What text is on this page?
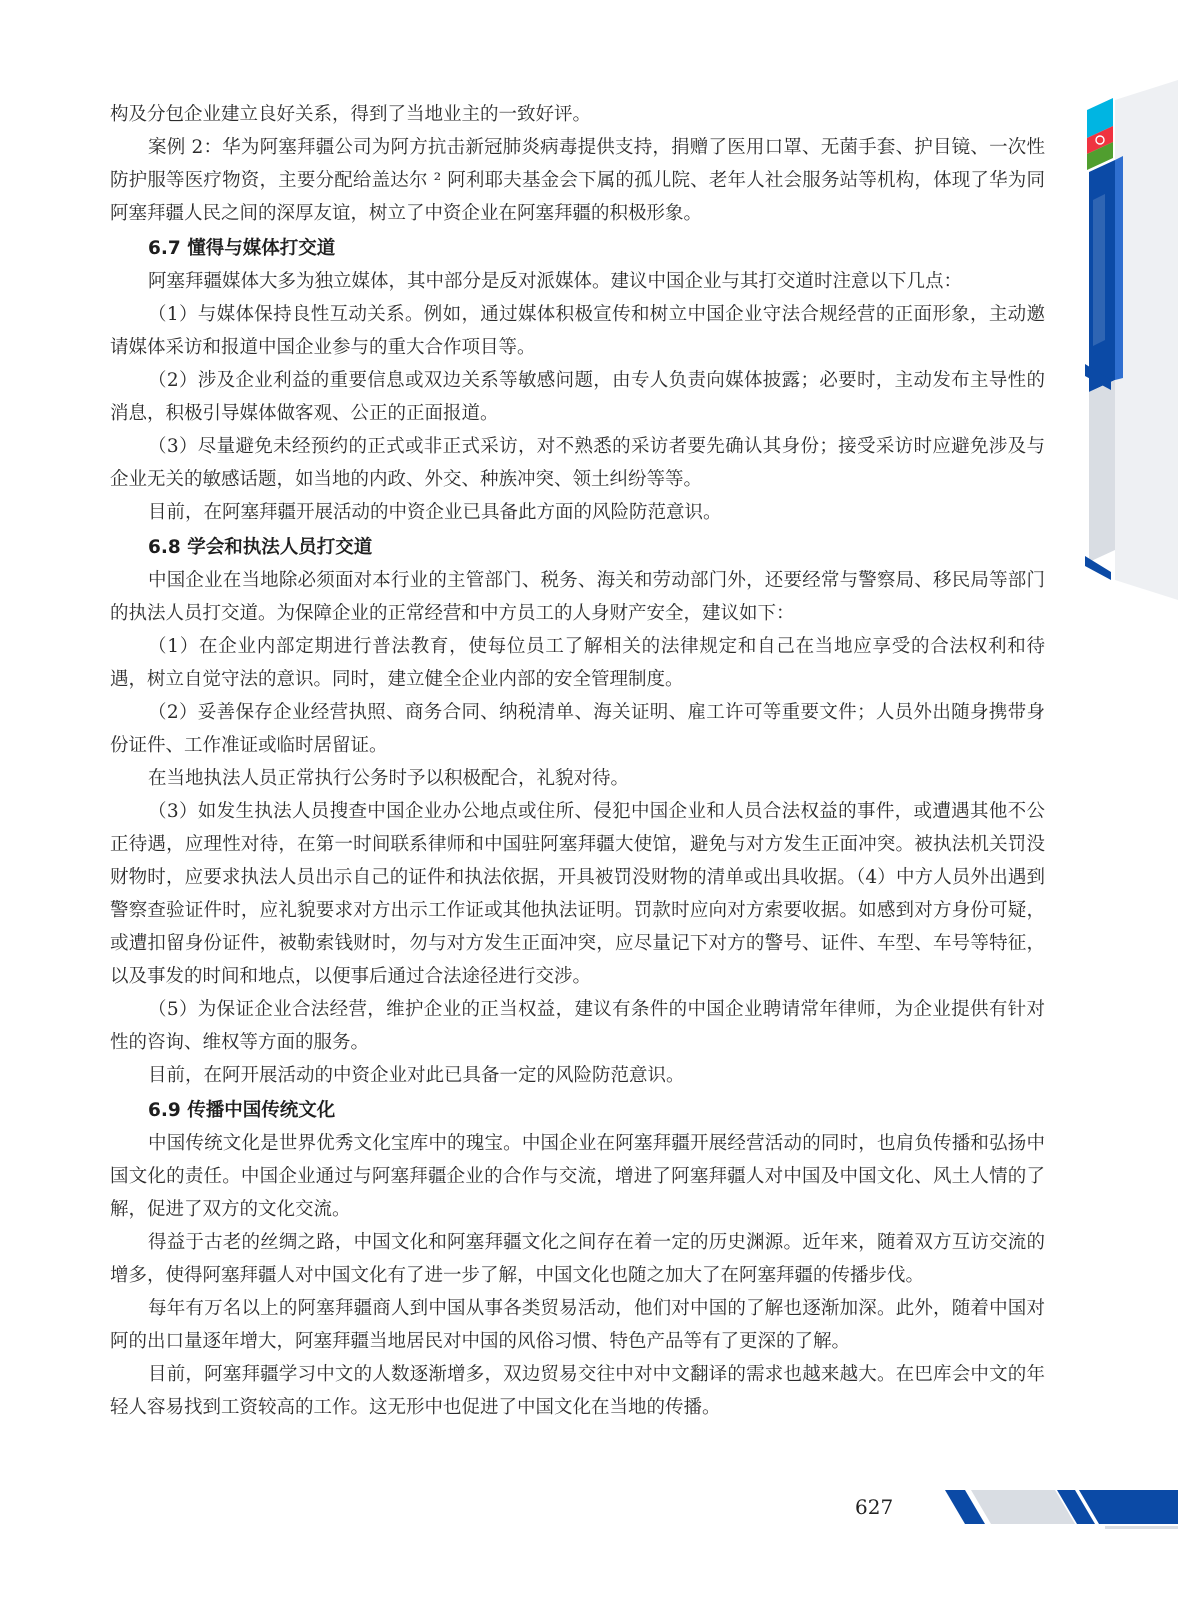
构及分包企业建立良好关系，得到了当地业主的一致好评。

案例 2：华为阿塞拜疆公司为阿方抗击新冠肺炎病毒提供支持，捐赠了医用口罩、无菌手套、护目镜、一次性防护服等医疗物资，主要分配给盖达尔 ² 阿利耶夫基金会下属的孤儿院、老年人社会服务站等机构，体现了华为同阿塞拜疆人民之间的深厚友谊，树立了中资企业在阿塞拜疆的积极形象。

6.7 懂得与媒体打交道

阿塞拜疆媒体大多为独立媒体，其中部分是反对派媒体。建议中国企业与其打交道时注意以下几点：

（1）与媒体保持良性互动关系。例如，通过媒体积极宣传和树立中国企业守法合规经营的正面形象，主动邀请媒体采访和报道中国企业参与的重大合作项目等。

（2）涉及企业利益的重要信息或双边关系等敏感问题，由专人负责向媒体披露；必要时，主动发布主导性的消息，积极引导媒体做客观、公正的正面报道。

（3）尽量避免未经预约的正式或非正式采访，对不熟悉的采访者要先确认其身份；接受采访时应避免涉及与企业无关的敏感话题，如当地的内政、外交、种族冲突、领土纠纷等等。

目前，在阿塞拜疆开展活动的中资企业已具备此方面的风险防范意识。

6.8 学会和执法人员打交道

中国企业在当地除必须面对本行业的主管部门、税务、海关和劳动部门外，还要经常与警察局、移民局等部门的执法人员打交道。为保障企业的正常经营和中方员工的人身财产安全，建议如下：

（1）在企业内部定期进行普法教育，使每位员工了解相关的法律规定和自己在当地应享受的合法权利和待遇，树立自觉守法的意识。同时，建立健全企业内部的安全管理制度。

（2）妥善保存企业经营执照、商务合同、纳税清单、海关证明、雇工许可等重要文件；人员外出随身携带身份证件、工作准证或临时居留证。

在当地执法人员正常执行公务时予以积极配合，礼貌对待。

（3）如发生执法人员搜查中国企业办公地点或住所、侵犯中国企业和人员合法权益的事件，或遭遇其他不公正待遇，应理性对待，在第一时间联系律师和中国驻阿塞拜疆大使馆，避免与对方发生正面冲突。被执法机关罚没财物时，应要求执法人员出示自己的证件和执法依据，开具被罚没财物的清单或出具收据。（4）中方人员外出遇到警察查验证件时，应礼貌要求对方出示工作证或其他执法证明。罚款时应向对方索要收据。如感到对方身份可疑，或遭扣留身份证件，被勒索钱财时，勿与对方发生正面冲突，应尽量记下对方的警号、证件、车型、车号等特征，以及事发的时间和地点，以便事后通过合法途径进行交涉。

（5）为保证企业合法经营，维护企业的正当权益，建议有条件的中国企业聘请常年律师，为企业提供有针对性的咨询、维权等方面的服务。

目前，在阿开展活动的中资企业对此已具备一定的风险防范意识。

6.9 传播中国传统文化

中国传统文化是世界优秀文化宝库中的瑰宝。中国企业在阿塞拜疆开展经营活动的同时，也肩负传播和弘扬中国文化的责任。中国企业通过与阿塞拜疆企业的合作与交流，增进了阿塞拜疆人对中国及中国文化、风土人情的了解，促进了双方的文化交流。

得益于古老的丝绸之路，中国文化和阿塞拜疆文化之间存在着一定的历史渊源。近年来，随着双方互访交流的增多，使得阿塞拜疆人对中国文化有了进一步了解，中国文化也随之加大了在阿塞拜疆的传播步伐。

每年有万名以上的阿塞拜疆商人到中国从事各类贸易活动，他们对中国的了解也逐渐加深。此外，随着中国对阿的出口量逐年增大，阿塞拜疆当地居民对中国的风俗习惯、特色产品等有了更深的了解。

目前，阿塞拜疆学习中文的人数逐渐增多，双边贸易交往中对中文翻译的需求也越来越大。在巴库会中文的年轻人容易找到工资较高的工作。这无形中也促进了中国文化在当地的传播。

627
